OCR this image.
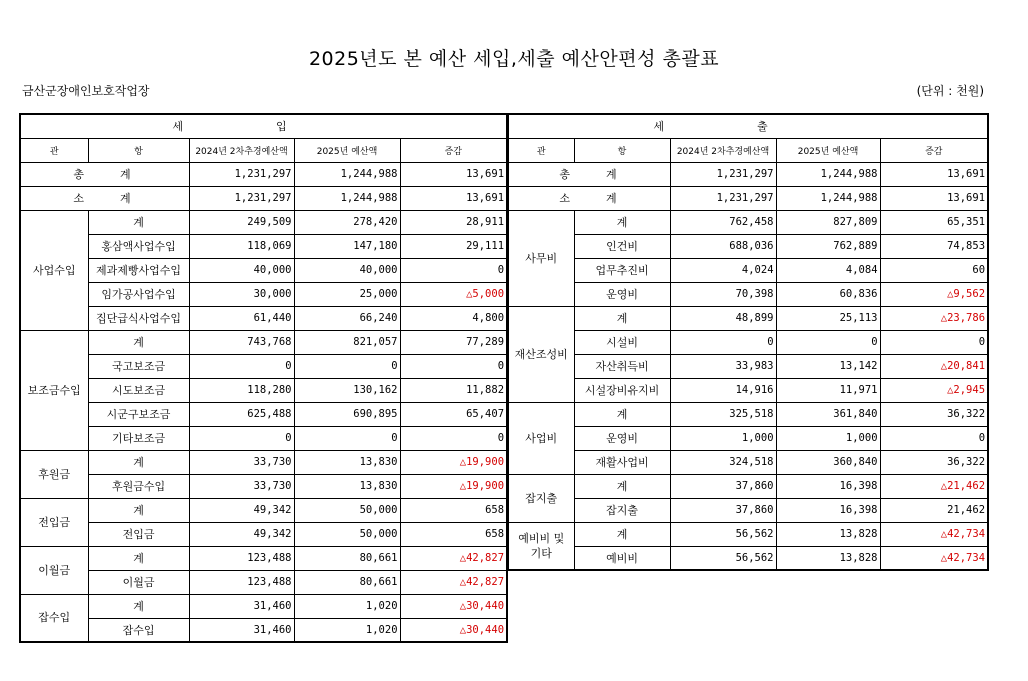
2025년도 본 예산 세입,세출 예산안편성 총괄표
금산군장애인보호작업장	(단위 : 천원)
세		입		
관	항	2024년 2차추경예산액	2025년 예산액	증감
총	계	1,231,297	1,244,988	13,691
소	계	1,231,297	1,244,988	13,691
사업수입	계	249,509	278,420	28,911
	홍삼액사업수입	118,069	147,180	29,111
	제과제빵사업수입	40,000	40,000	0
	임가공사업수입	30,000	25,000	△5,000
	집단급식사업수입	61,440	66,240	4,800
보조금수입	계	743,768	821,057	77,289
	국고보조금	0	0	0
	시도보조금	118,280	130,162	11,882
	시군구보조금	625,488	690,895	65,407
	기타보조금	0	0	0
후원금	계	33,730	13,830	△19,900
	후원금수입	33,730	13,830	△19,900
전입금	계	49,342	50,000	658
	전입금	49,342	50,000	658
이월금	계	123,488	80,661	△42,827
	이월금	123,488	80,661	△42,827
잡수입	계	31,460	1,020	△30,440
	잡수입	31,460	1,020	△30,440
세		출		
관	항	2024년 2차추경예산액	2025년 예산액	증감
총	계	1,231,297	1,244,988	13,691
소	계	1,231,297	1,244,988	13,691
사무비	계	762,458	827,809	65,351
	인건비	688,036	762,889	74,853
	업무추진비	4,024	4,084	60
	운영비	70,398	60,836	△9,562
재산조성비	계	48,899	25,113	△23,786
	시설비	0	0	0
	자산취득비	33,983	13,142	△20,841
	시설장비유지비	14,916	11,971	△2,945
사업비	계	325,518	361,840	36,322
	운영비	1,000	1,000	0
	재활사업비	324,518	360,840	36,322
잡지출	계	37,860	16,398	△21,462
	잡지출	37,860	16,398	21,462
예비비 및
기타	계	56,562	13,828	△42,734
	예비비	56,562	13,828	△42,734
